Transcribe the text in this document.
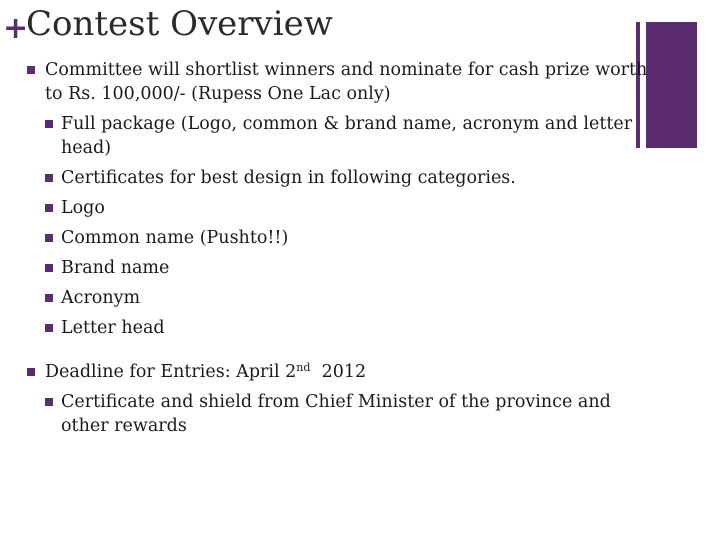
+
Contest Overview
Committee will shortlist winners and nominate for cash prize worth
to Rs. 100,000/- (Rupess One Lac only)
Full package (Logo, common & brand name, acronym and letter
head)
Certificates for best design in following categories.
Logo
Common name (Pushto!!)
Brand name
Acronym
Letter head
Deadline for Entries: April 2nd 2012
Certificate and shield from Chief Minister of the province and
other rewards
